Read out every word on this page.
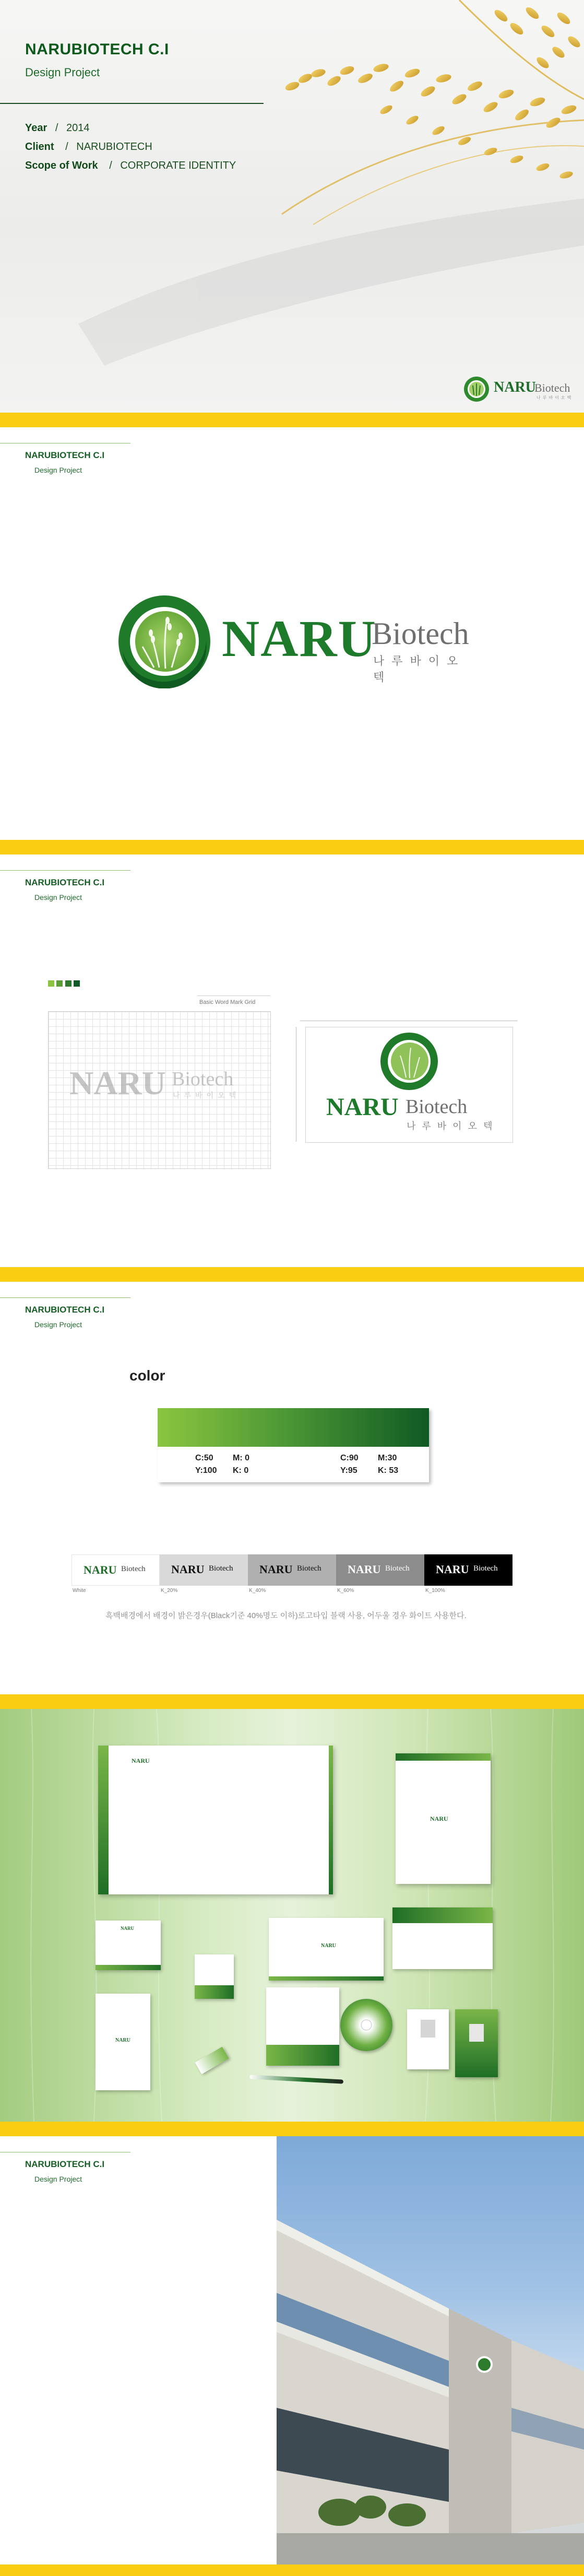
NARUBIOTECH C.I
Design Project
Year / 2014
Client / NARUBIOTECH
Scope of Work / CORPORATE IDENTITY
NARU
Biotech
나루바이오텍
NARUBIOTECH C.I
Design Project
NARU
Biotech
나루바이오텍
NARUBIOTECH C.I
Design Project

Basic Word Mark Grid
NARU Biotech
나루바이오텍	NARU Biotech
나루바이오텍
NARUBIOTECH C.I
Design Project
color
C:50 M: 0
Y:100 K: 0
C:90 M:30
Y:95 K: 53
NARU Biotech NARU Biotech NARU Biotech NARU Biotech NARU Biotech
White	K_20%	K_40%	K_60%	K_100%
흑백배경에서 배경이 밝은경우(Black기준 40%명도 이하)로고타입 블랙 사용, 어두울 경우 화이트 사용한다.
NARU
NARU
NARU
NARU
NARU
NARUBIOTECH C.I
Design Project
